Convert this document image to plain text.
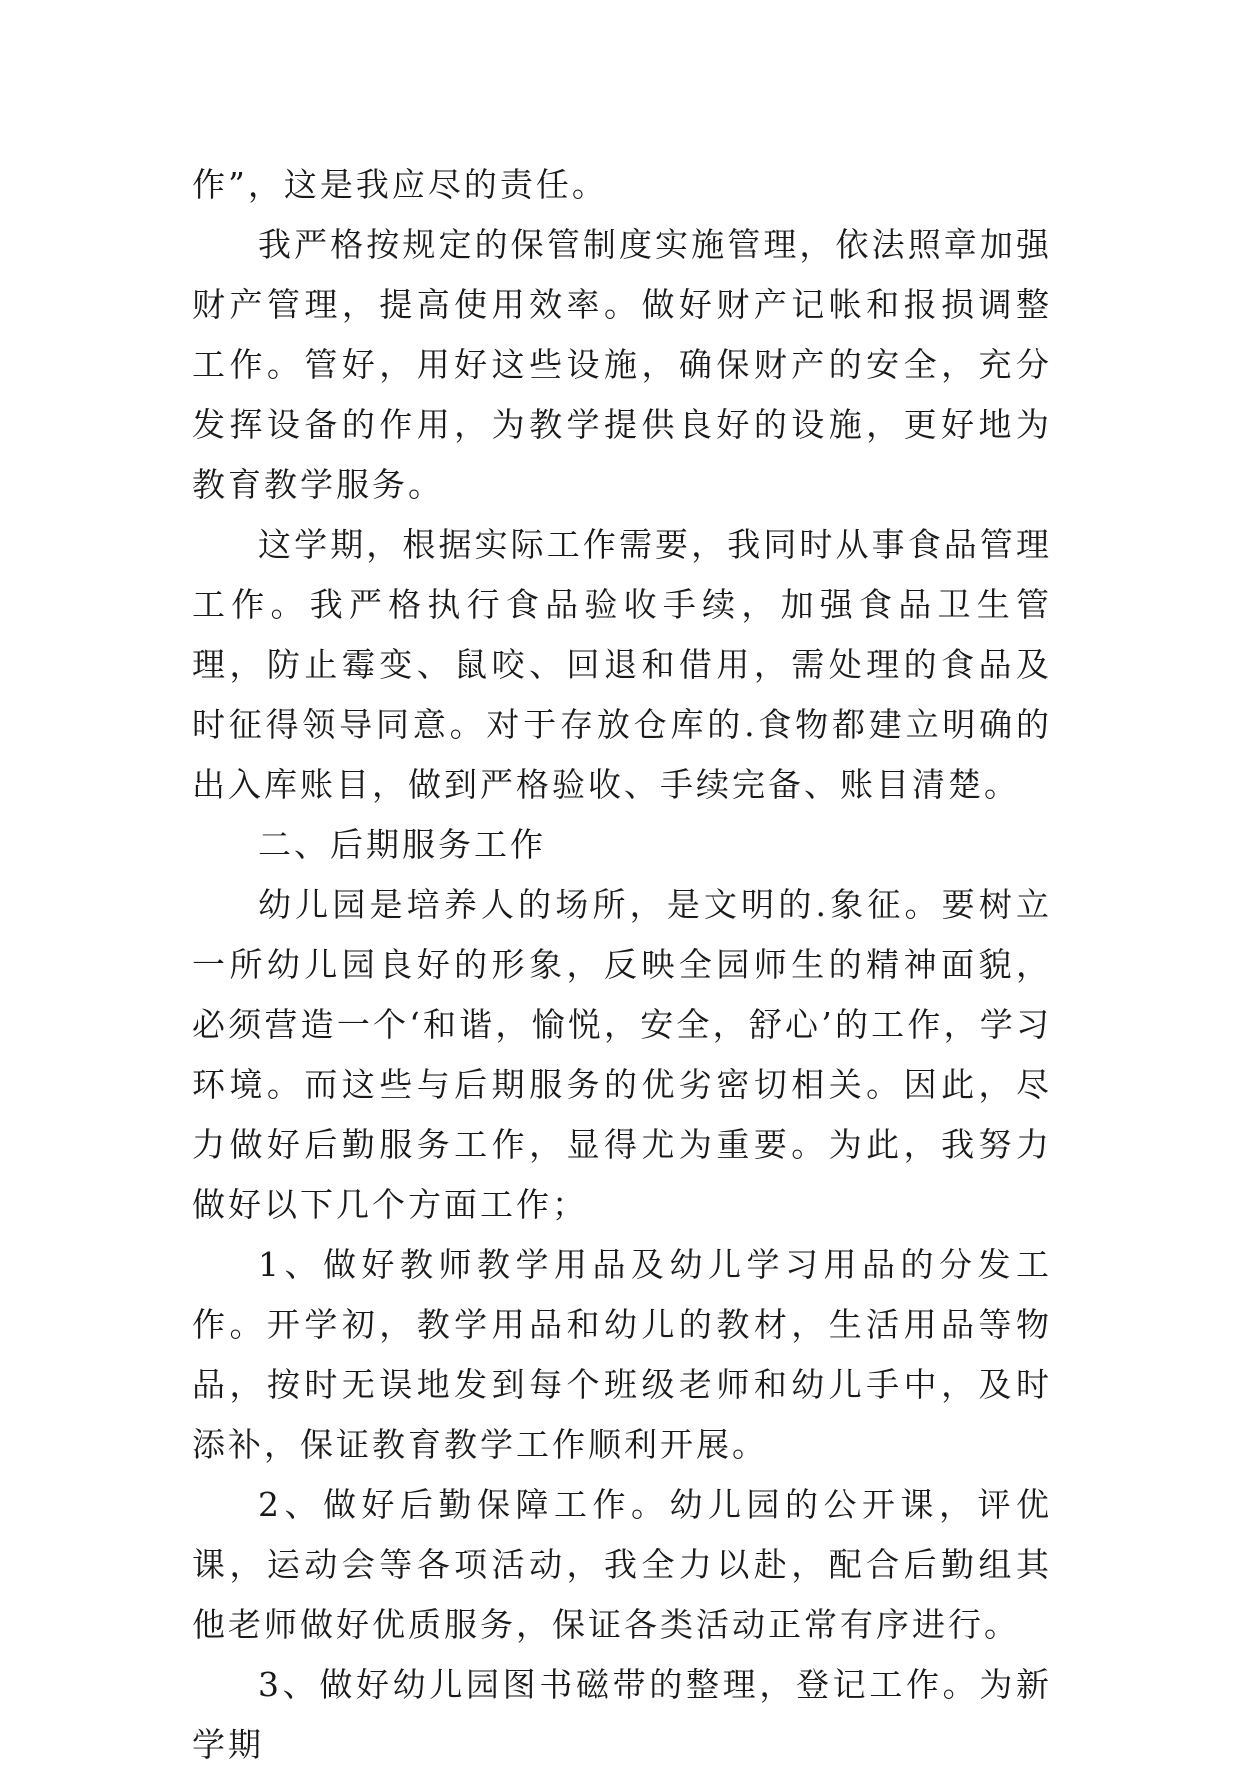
作”，这是我应尽的责任。

我严格按规定的保管制度实施管理，依法照章加强财产管理，提高使用效率。做好财产记帐和报损调整工作。管好，用好这些设施，确保财产的安全，充分发挥设备的作用，为教学提供良好的设施，更好地为教育教学服务。

这学期，根据实际工作需要，我同时从事食品管理工作。我严格执行食品验收手续，加强食品卫生管理，防止霉变、鼠咬、回退和借用，需处理的食品及时征得领导同意。对于存放仓库的.食物都建立明确的出入库账目，做到严格验收、手续完备、账目清楚。

二、后期服务工作

幼儿园是培养人的场所，是文明的.象征。要树立一所幼儿园良好的形象，反映全园师生的精神面貌，必须营造一个‘和谐，愉悦，安全，舒心’的工作，学习环境。而这些与后期服务的优劣密切相关。因此，尽力做好后勤服务工作，显得尤为重要。为此，我努力做好以下几个方面工作；

1、做好教师教学用品及幼儿学习用品的分发工作。开学初，教学用品和幼儿的教材，生活用品等物品，按时无误地发到每个班级老师和幼儿手中，及时添补，保证教育教学工作顺利开展。

2、做好后勤保障工作。幼儿园的公开课，评优课，运动会等各项活动，我全力以赴，配合后勤组其他老师做好优质服务，保证各类活动正常有序进行。

3、做好幼儿园图书磁带的整理，登记工作。为新学期
